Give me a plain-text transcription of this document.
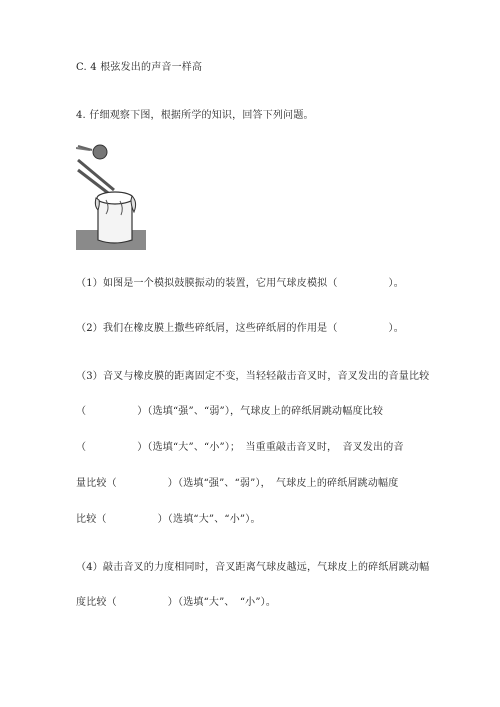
C. 4 根弦发出的声音一样高
4. 仔细观察下图，根据所学的知识，回答下列问题。
（1）如图是一个模拟鼓膜振动的装置，它用气球皮模拟（　　　　　）。
（2）我们在橡皮膜上撒些碎纸屑，这些碎纸屑的作用是（　　　　　）。
（3）音叉与橡皮膜的距离固定不变，当轻轻敲击音叉时，音叉发出的音量比较
（　　　　　）（选填“强”、“弱”），气球皮上的碎纸屑跳动幅度比较
（　　　　　）（选填“大”、“小”）；　当重重敲击音叉时，　音叉发出的音
量比较（　　　　　）（选填“强”、“弱”），　气球皮上的碎纸屑跳动幅度
比较（　　　　　）（选填“大”、“小”）。
（4）敲击音叉的力度相同时，音叉距离气球皮越远，气球皮上的碎纸屑跳动幅
度比较（　　　　　）（选填“大”、　“小”）。
